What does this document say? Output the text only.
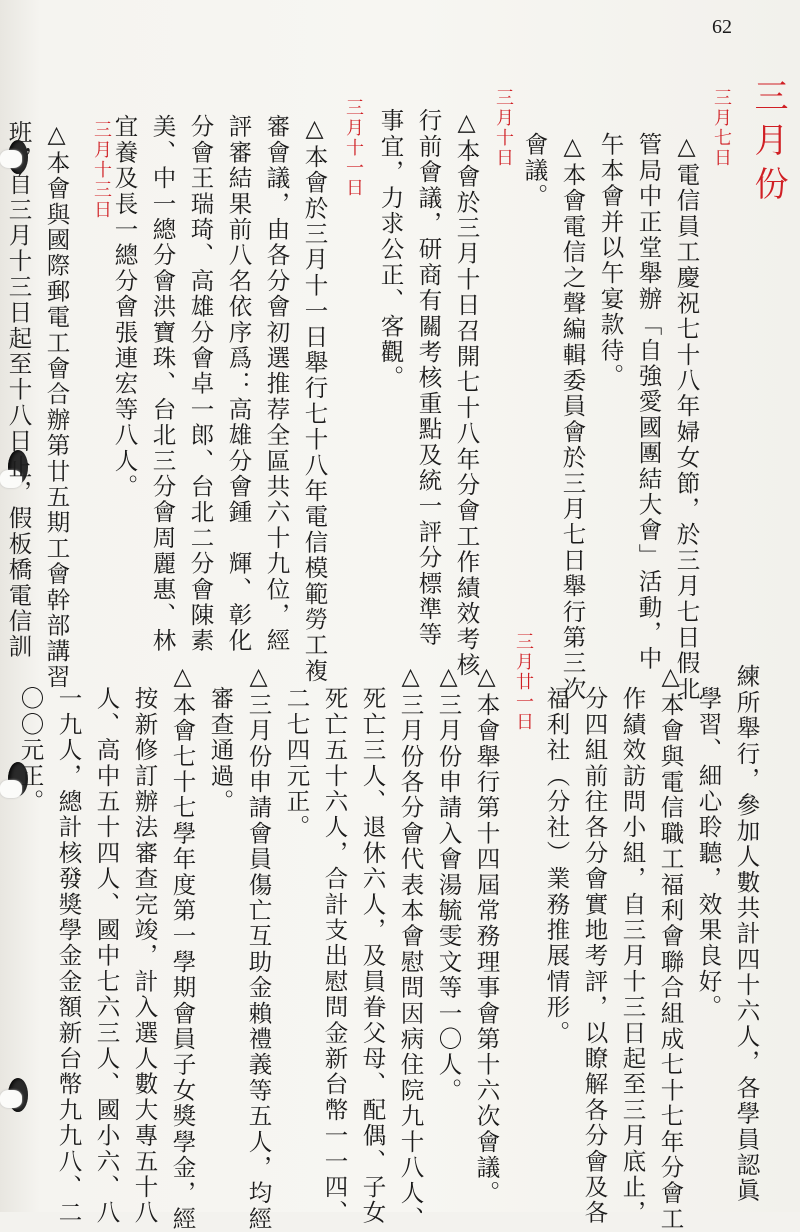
62
三月份
三月七日
三月十日
三月十一日
三月十三日
三月廿一日	△電信員工慶祝七十八年婦女節，於三月七日假北
管局中正堂舉辦「自強愛國團結大會」活動，中
午本會并以午宴款待。
△本會電信之聲編輯委員會於三月七日舉行第三次
會議。
△本會於三月十日召開七十八年分會工作績效考核
行前會議，研商有關考核重點及統一評分標準等
事宜，力求公正、客觀。
△本會於三月十一日舉行七十八年電信模範勞工複
審會議，由各分會初選推荐全區共六十九位，經
評審結果前八名依序爲：高雄分會鍾　輝、彰化
分會王瑞琦、高雄分會卓一郎、台北二分會陳素
美、中一總分會洪寶珠、台北三分會周麗惠、林
宜養及長一總分會張連宏等八人。
△本會與國際郵電工會合辦第廿五期工會幹部講習
班，自三月十三日起至十八日止，假板橋電信訓
練所舉行，參加人數共計四十六人，各學員認眞
學習、細心聆聽，效果良好。
△本會與電信職工福利會聯合組成七十七年分會工
作績效訪問小組，自三月十三日起至三月底止，
分四組前往各分會實地考評，以瞭解各分會及各
福利社（分社）業務推展情形。
△本會舉行第十四屆常務理事會第十六次會議。
△三月份申請入會湯毓雯文等一〇人。
△三月份各分會代表本會慰問因病住院九十八人、
死亡三人、退休六人，及員眷父母、配偶、子女
死亡五十六人，合計支出慰問金新台幣一一四、
二七四元正。
△三月份申請會員傷亡互助金賴禮義等五人，均經
審查通過。
△本會七十七學年度第一學期會員子女獎學金，經
按新修訂辦法審查完竣，計入選人數大專五十八
人、高中五十四人、國中七六三人、國小六、八
一九人，總計核發獎學金金額新台幣九九八、二
〇〇元正。
